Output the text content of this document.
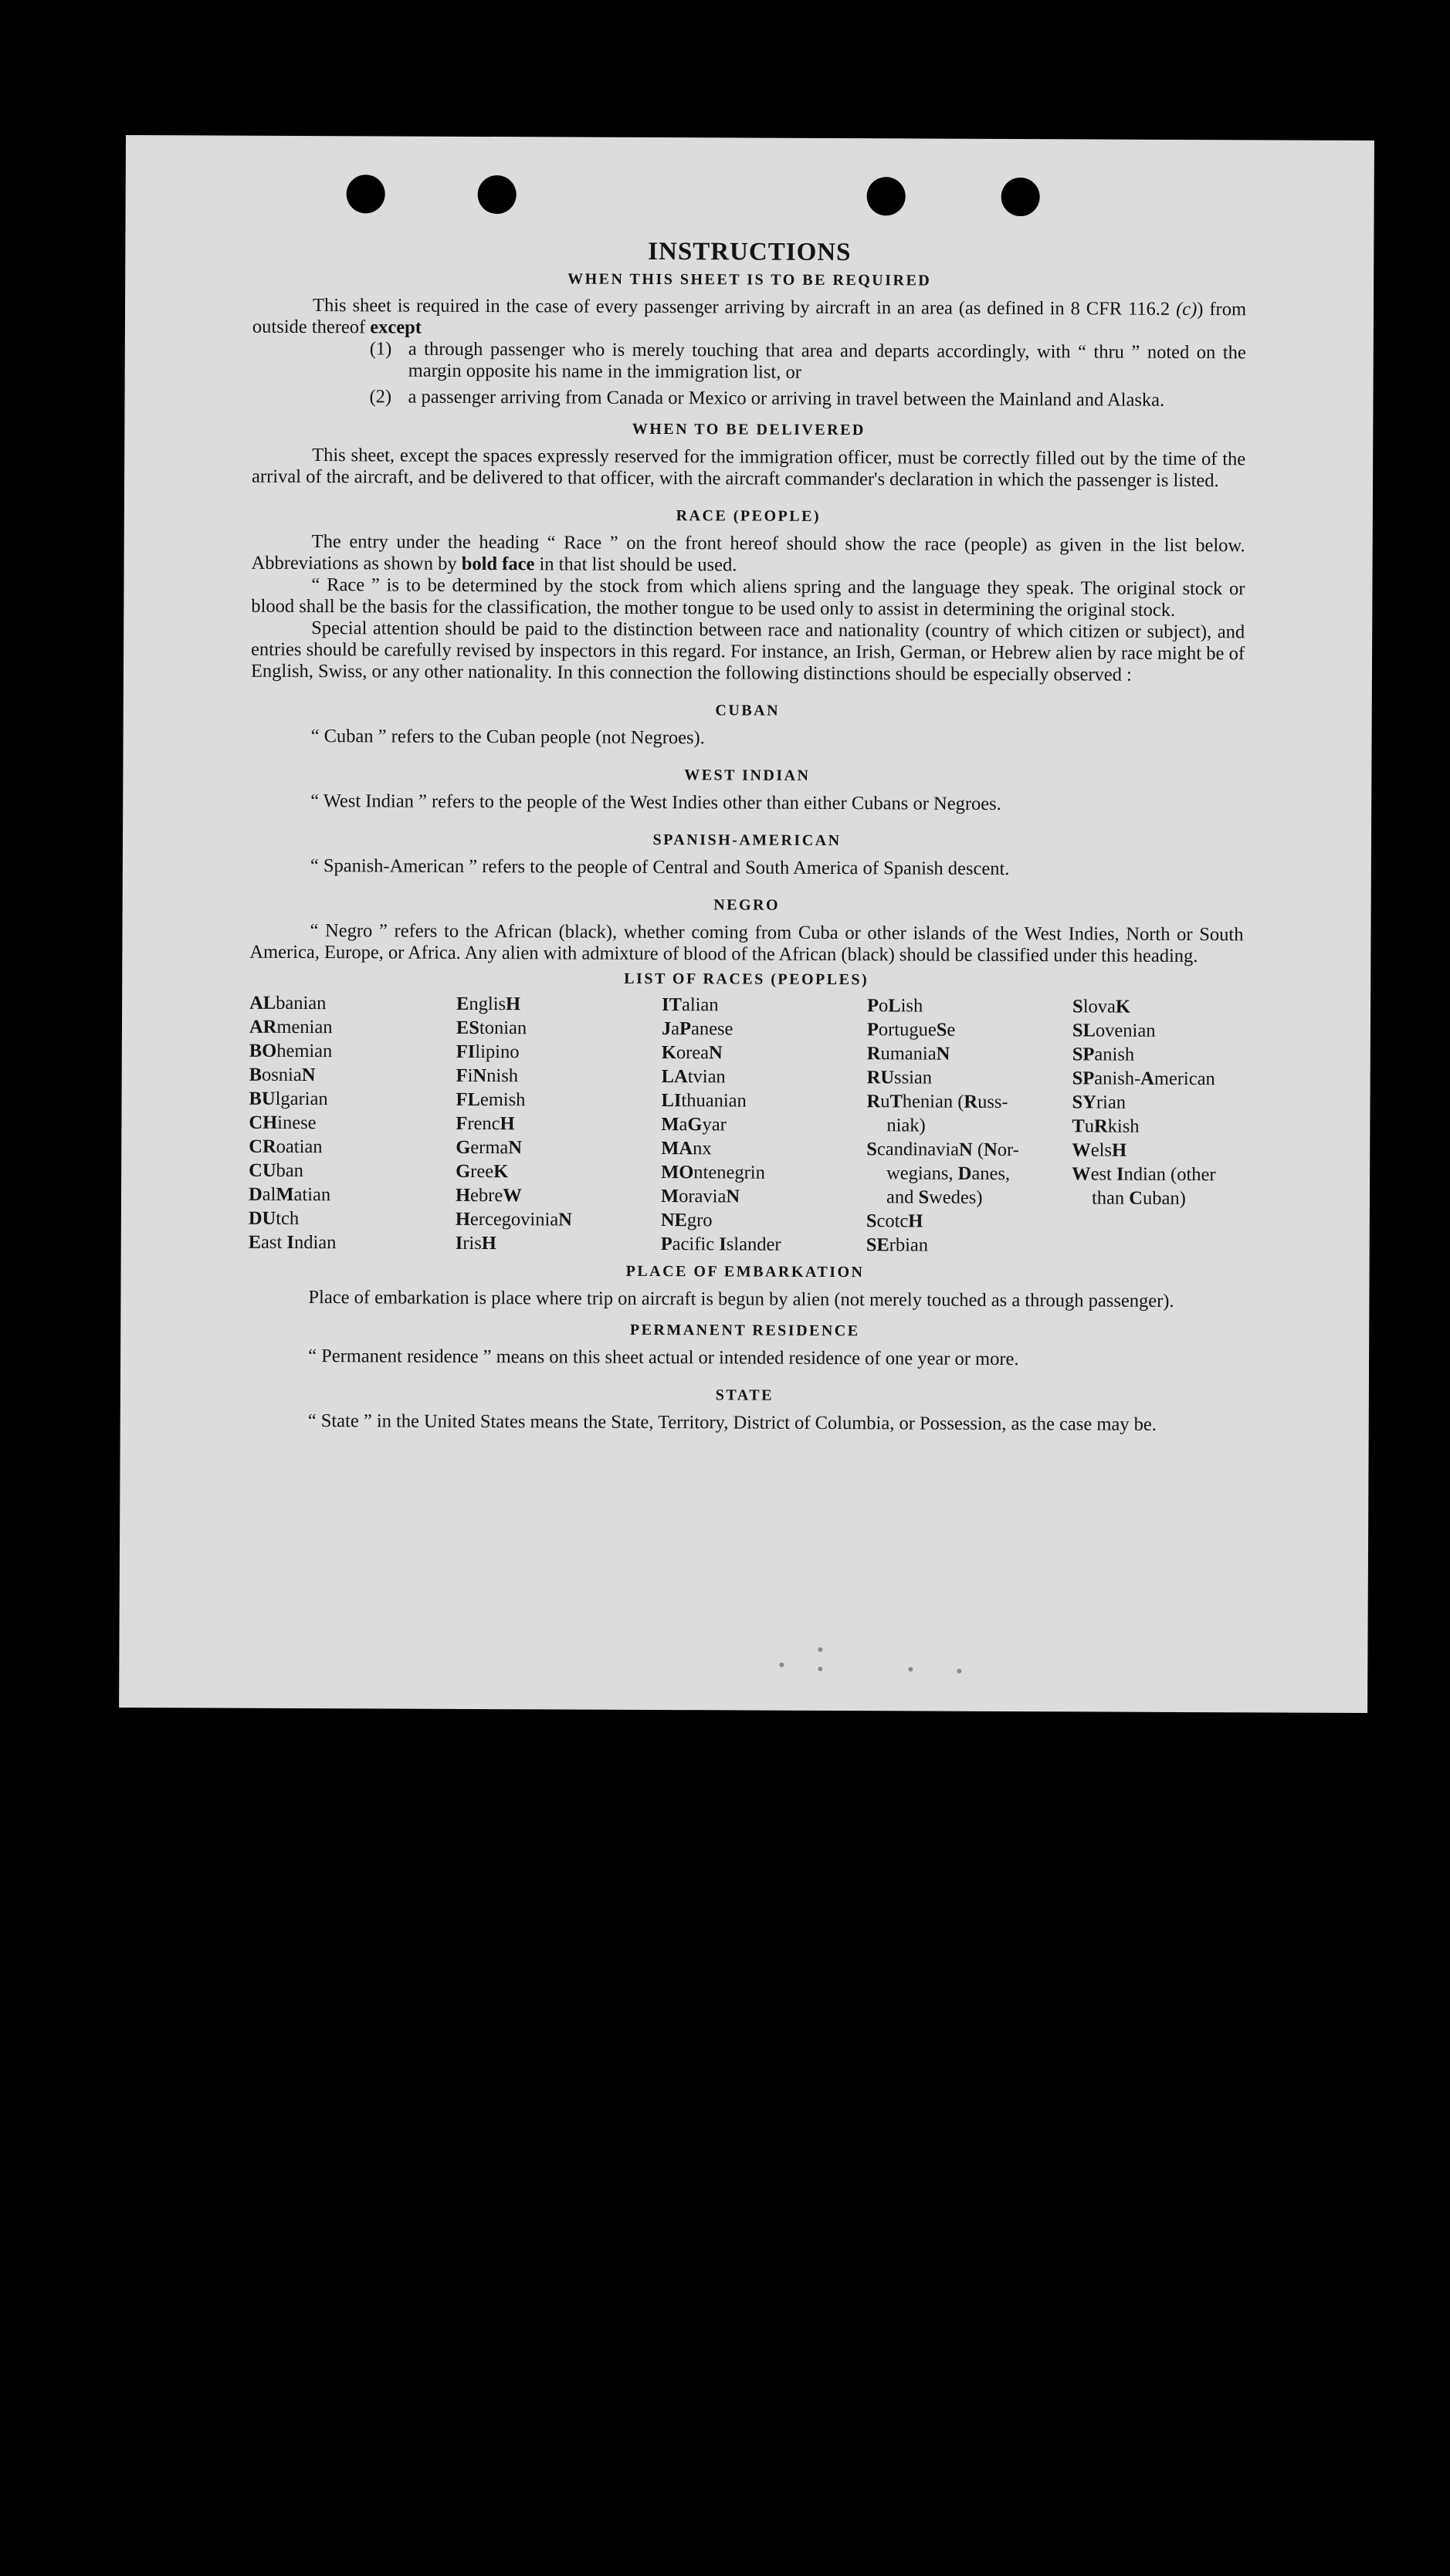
INSTRUCTIONS
WHEN THIS SHEET IS TO BE REQUIRED

This sheet is required in the case of every passenger arriving by aircraft in an area (as defined in 8 CFR 116.2 (c)) from outside thereof except

(1) a through passenger who is merely touching that area and departs accordingly, with “ thru ” noted on the margin opposite his name in the immigration list, or
(2) a passenger arriving from Canada or Mexico or arriving in travel between the Mainland and Alaska.
WHEN TO BE DELIVERED

This sheet, except the spaces expressly reserved for the immigration officer, must be correctly filled out by the time of the arrival of the aircraft, and be delivered to that officer, with the aircraft commander's declaration in which the passenger is listed.

RACE (PEOPLE)

The entry under the heading “ Race ” on the front hereof should show the race (people) as given in the list below. Abbreviations as shown by bold face in that list should be used.

“ Race ” is to be determined by the stock from which aliens spring and the language they speak. The original stock or blood shall be the basis for the classification, the mother tongue to be used only to assist in determining the original stock.

Special attention should be paid to the distinction between race and nationality (country of which citizen or subject), and entries should be carefully revised by inspectors in this regard. For instance, an Irish, German, or Hebrew alien by race might be of English, Swiss, or any other nationality. In this connection the following distinctions should be especially observed :

CUBAN

“ Cuban ” refers to the Cuban people (not Negroes).

WEST INDIAN

“ West Indian ” refers to the people of the West Indies other than either Cubans or Negroes.

SPANISH-AMERICAN

“ Spanish-American ” refers to the people of Central and South America of Spanish descent.

NEGRO

“ Negro ” refers to the African (black), whether coming from Cuba or other islands of the West Indies, North or South America, Europe, or Africa. Any alien with admixture of blood of the African (black) should be classified under this heading.

LIST OF RACES (PEOPLES)
ALbanian
ARmenian
BOhemian
BosniaN
BUlgarian
CHinese
CRoatian
CUban
DalMatian
DUtch
East Indian
EnglisH
EStonian
FIlipino
FiNnish
FLemish
FrencH
GermaN
GreeK
HebreW
HercegoviniaN
IrisH
ITalian
JaPanese
KoreaN
LAtvian
LIthuanian
MaGyar
MAnx
MOntenegrin
MoraviaN
NEgro
Pacific Islander
PoLish
PortugueSe
RumaniaN
RUssian
RuThenian (Russ-
niak)
ScandinaviaN (Nor-
wegians, Danes,
and Swedes)
ScotcH
SErbian
SlovaK
SLovenian
SPanish
SPanish-American
SYrian
TuRkish
WelsH
West Indian (other
than Cuban)
PLACE OF EMBARKATION

Place of embarkation is place where trip on aircraft is begun by alien (not merely touched as a through passenger).

PERMANENT RESIDENCE

“ Permanent residence ” means on this sheet actual or intended residence of one year or more.

STATE

“ State ” in the United States means the State, Territory, District of Columbia, or Possession, as the case may be.
